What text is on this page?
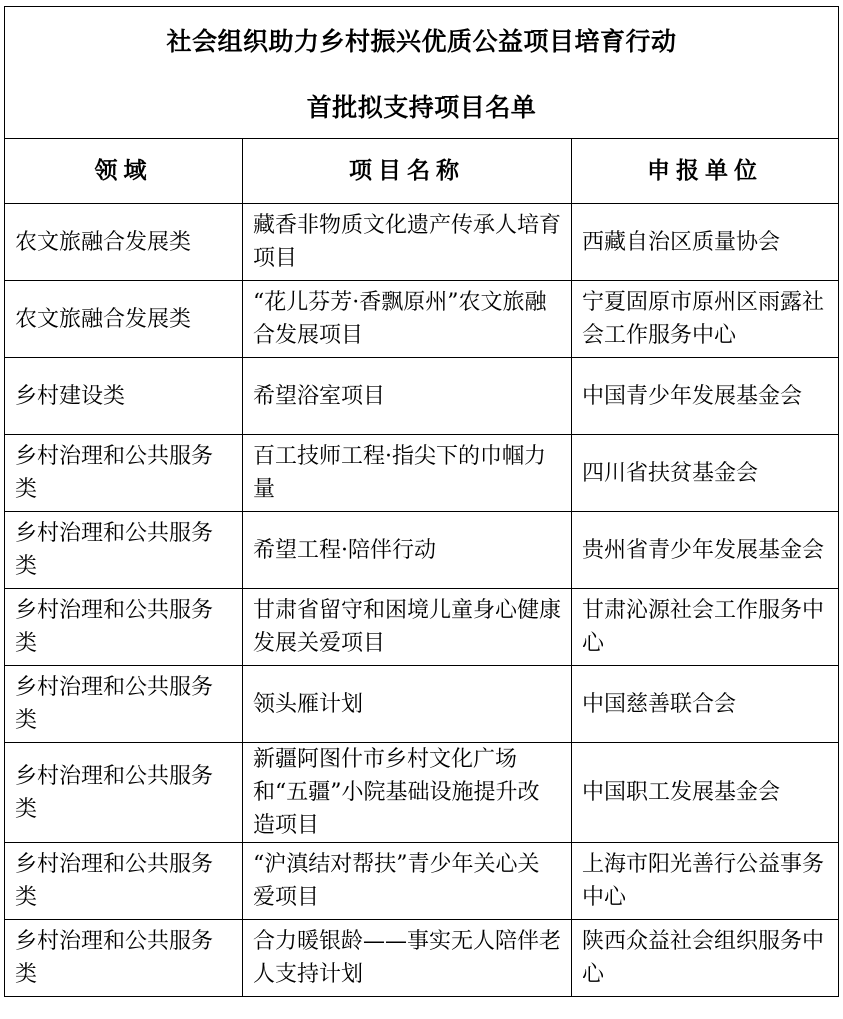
社会组织助力乡村振兴优质公益项目培育行动
首批拟支持项目名单		

领域	项目名称	申报单位
农文旅融合发展类	藏香非物质文化遗产传承人培育项目	西藏自治区质量协会
农文旅融合发展类	“花儿芬芳·香飘原州”农文旅融合发展项目	宁夏固原市原州区雨露社会工作服务中心
乡村建设类	希望浴室项目	中国青少年发展基金会
乡村治理和公共服务类	百工技师工程·指尖下的巾帼力量	四川省扶贫基金会
乡村治理和公共服务类	希望工程·陪伴行动	贵州省青少年发展基金会
乡村治理和公共服务类	甘肃省留守和困境儿童身心健康发展关爱项目	甘肃沁源社会工作服务中心
乡村治理和公共服务类	领头雁计划	中国慈善联合会
乡村治理和公共服务类	新疆阿图什市乡村文化广场和“五疆”小院基础设施提升改造项目	中国职工发展基金会
乡村治理和公共服务类	“沪滇结对帮扶”青少年关心关爱项目	上海市阳光善行公益事务中心
乡村治理和公共服务类	合力暖银龄——事实无人陪伴老人支持计划	陕西众益社会组织服务中心
